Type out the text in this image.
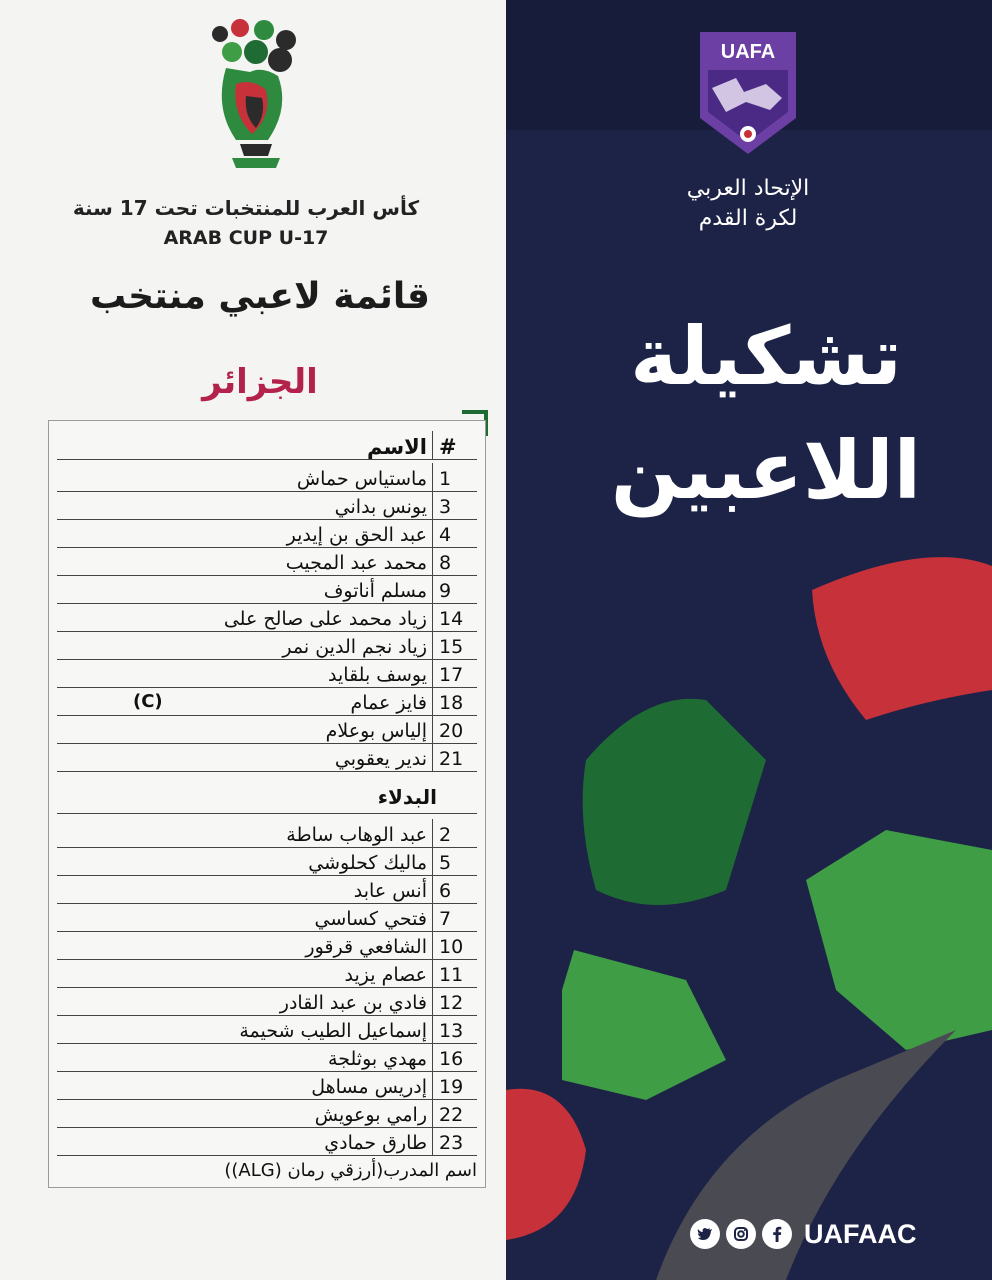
كأس العرب للمنتخبات تحت 17 سنة
ARAB CUP U-17
قائمة لاعبي منتخب
الجزائر
#
الاسم
1
ماستياس حماش
3
يونس بداني
4
عبد الحق بن إيدير
8
محمد عبد المجيب
9
مسلم أناتوف
14
زياد محمد على صالح على
15
زياد نجم الدين نمر
17
يوسف بلقايد
18
فايز عمام
(C)
20
إلياس بوعلام
21
ندير يعقوبي
البدلاء
2
عبد الوهاب ساطة
5
ماليك كحلوشي
6
أنس عابد
7
فتحي كساسي
10
الشافعي قرقور
11
عصام يزيد
12
فادي بن عبد القادر
13
إسماعيل الطيب شحيمة
16
مهدي بوثلجة
19
إدريس مساهل
22
رامي بوعويش
23
طارق حمادي
اسم المدرب(أرزقي رمان (ALG))
UAFA
الإتحاد العربي
لكرة القدم
تشكيلة
اللاعبين
UAFAAC
